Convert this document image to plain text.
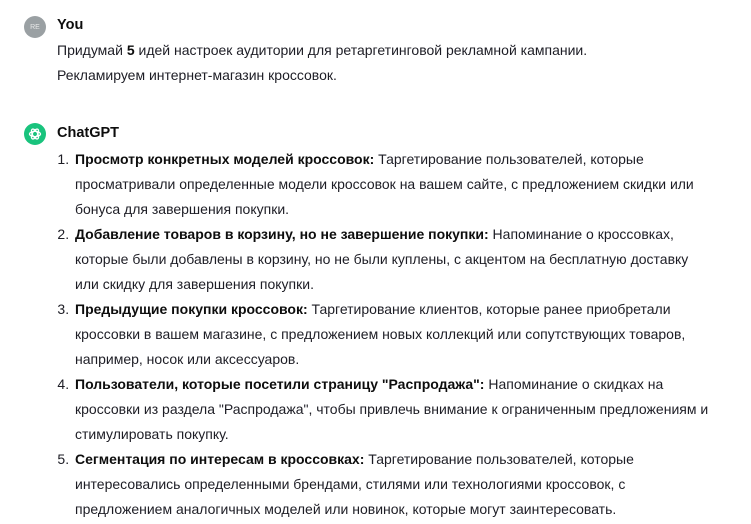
RE You
Придумай 5 идей настроек аудитории для ретаргетинговой рекламной кампании.
Рекламируем интернет-магазин кроссовок.
ChatGPT
1. Просмотр конкретных моделей кроссовок: Таргетирование пользователей, которые просматривали определенные модели кроссовок на вашем сайте, с предложением скидки или бонуса для завершения покупки.
2. Добавление товаров в корзину, но не завершение покупки: Напоминание о кроссовках, которые были добавлены в корзину, но не были куплены, с акцентом на бесплатную доставку или скидку для завершения покупки.
3. Предыдущие покупки кроссовок: Таргетирование клиентов, которые ранее приобретали кроссовки в вашем магазине, с предложением новых коллекций или сопутствующих товаров, например, носок или аксессуаров.
4. Пользователи, которые посетили страницу "Распродажа": Напоминание о скидках на кроссовки из раздела "Распродажа", чтобы привлечь внимание к ограниченным предложениям и стимулировать покупку.
5. Сегментация по интересам в кроссовках: Таргетирование пользователей, которые интересовались определенными брендами, стилями или технологиями кроссовок, с предложением аналогичных моделей или новинок, которые могут заинтересовать.
